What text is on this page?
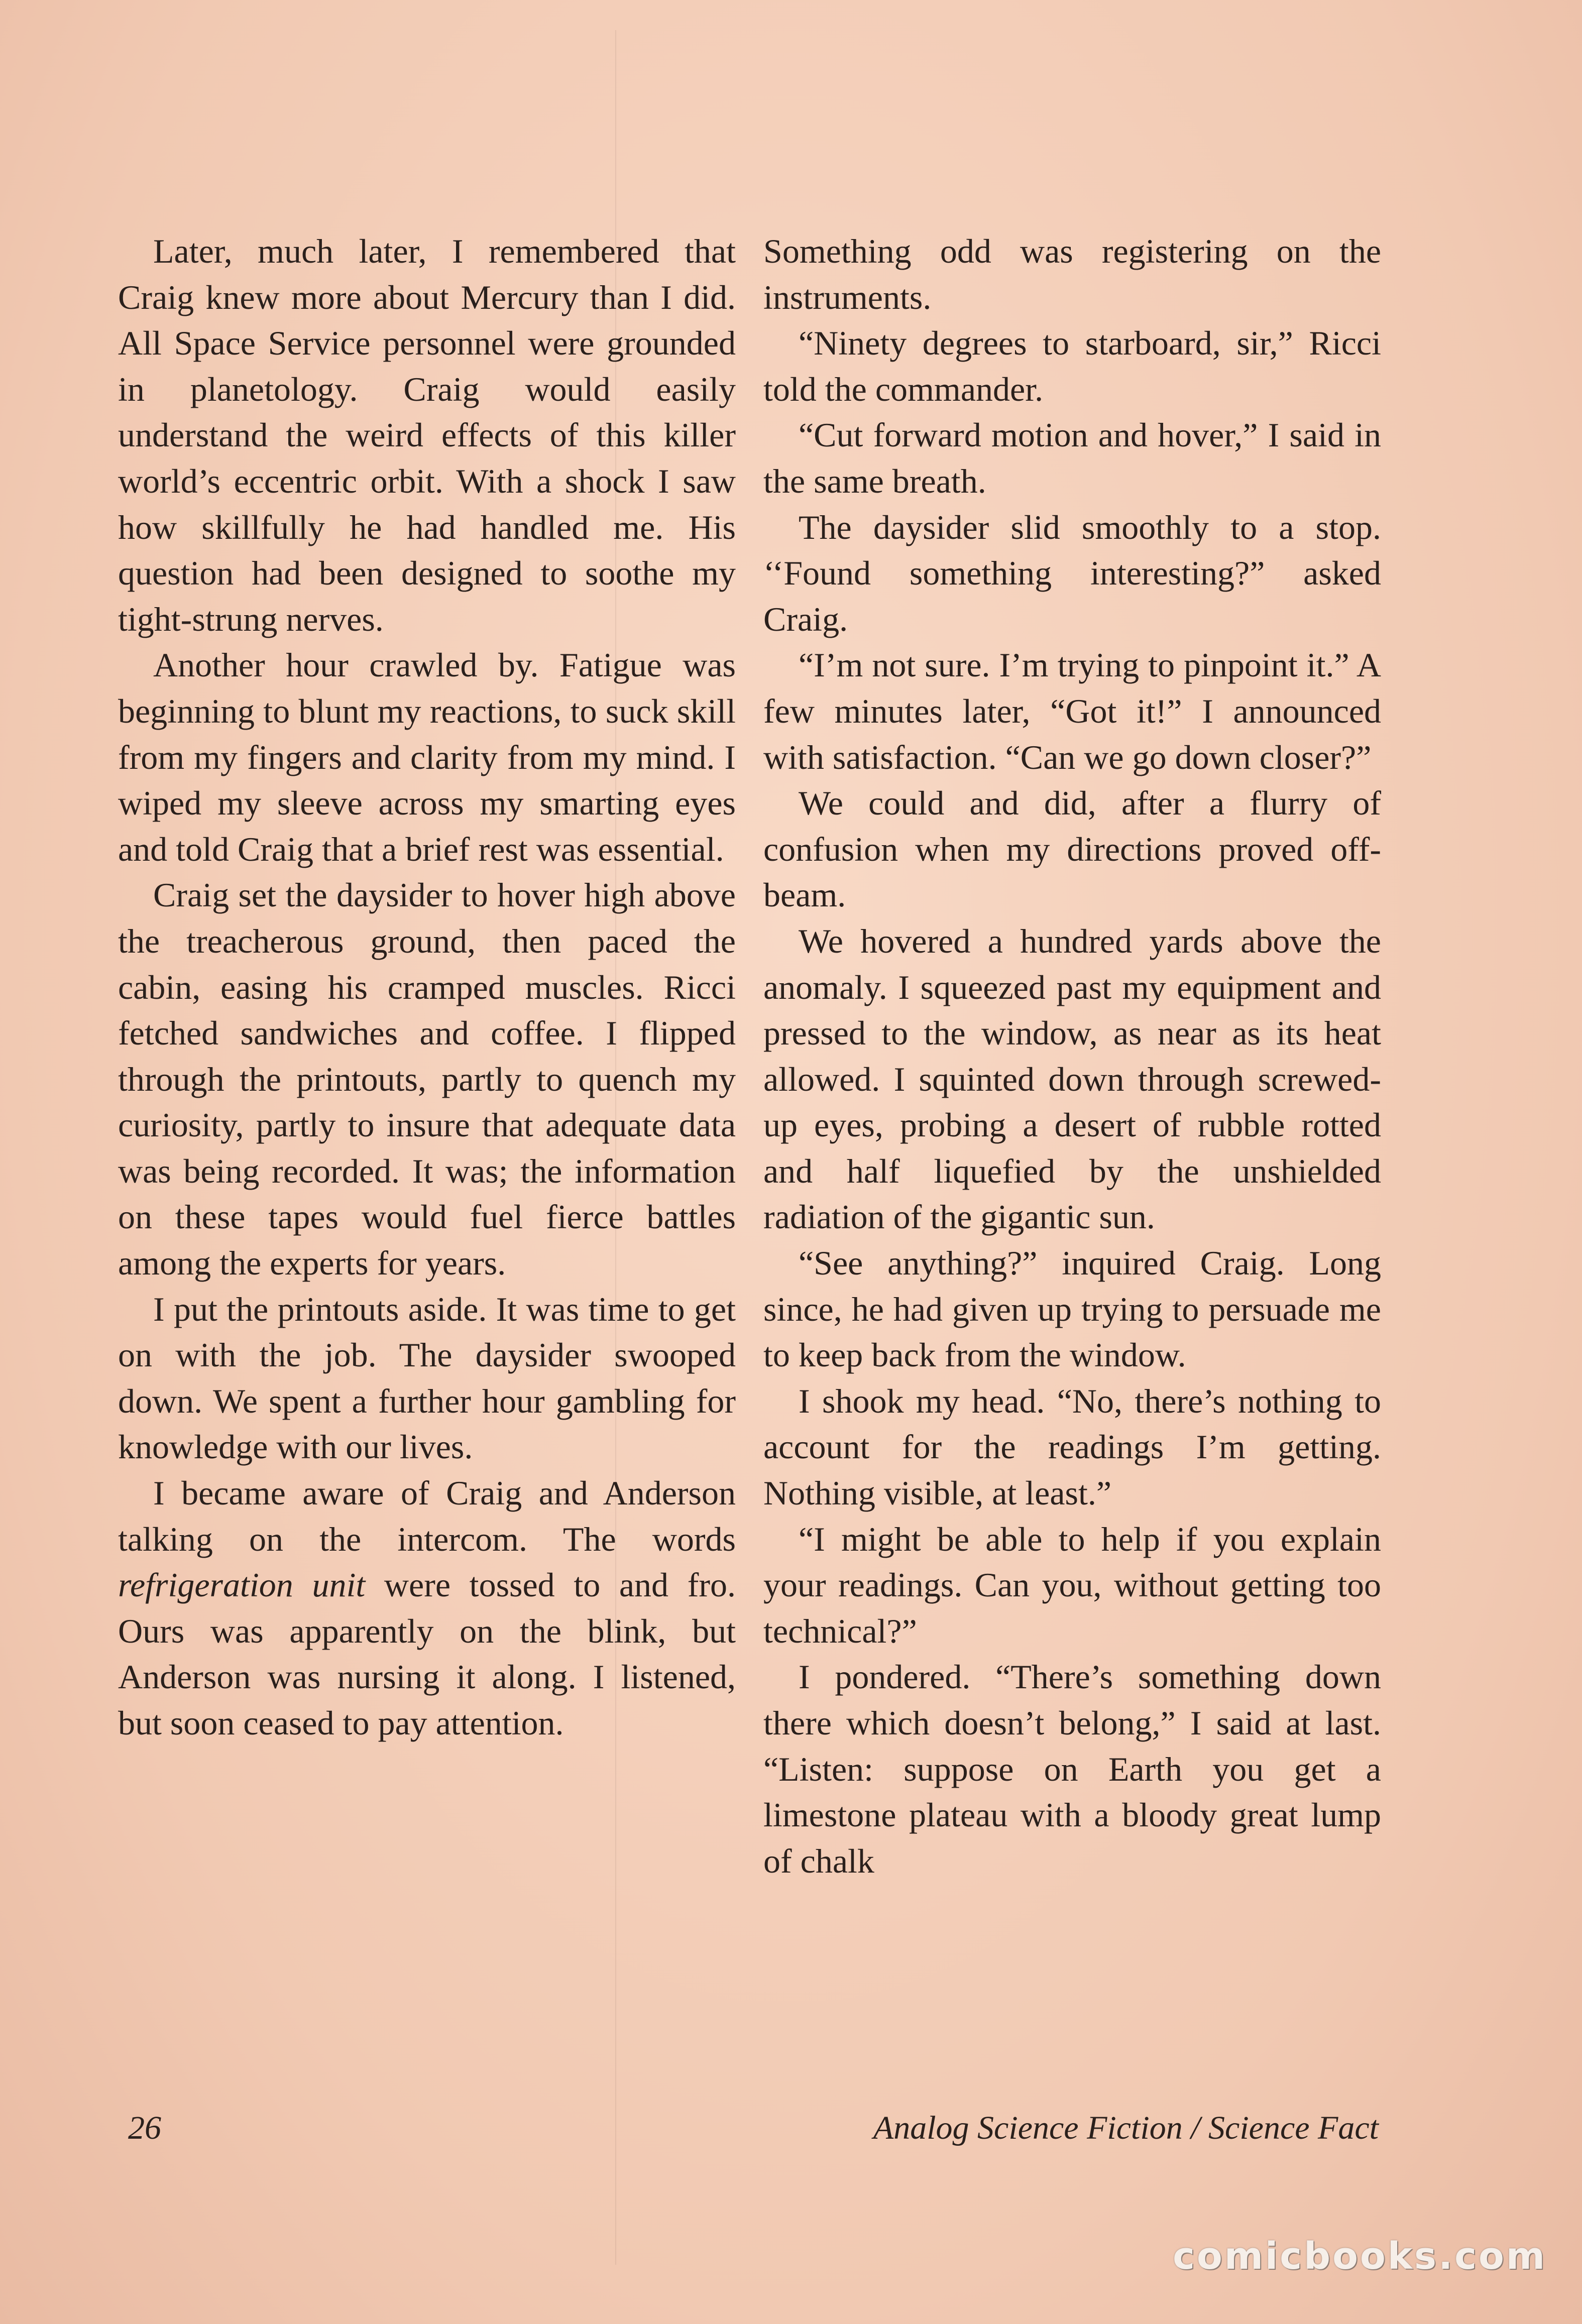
Later, much later, I remembered that Craig knew more about Mercury than I did. All Space Service personnel were grounded in planetology. Craig would easily understand the weird effects of this killer world’s eccentric orbit. With a shock I saw how skillfully he had handled me. His question had been designed to soothe my tight-strung nerves.

Another hour crawled by. Fatigue was beginning to blunt my reactions, to suck skill from my fingers and clarity from my mind. I wiped my sleeve across my smarting eyes and told Craig that a brief rest was essential.

Craig set the daysider to hover high above the treacherous ground, then paced the cabin, easing his cramped muscles. Ricci fetched sandwiches and coffee. I flipped through the printouts, partly to quench my curiosity, partly to insure that adequate data was being recorded. It was; the information on these tapes would fuel fierce battles among the experts for years.

I put the printouts aside. It was time to get on with the job. The daysider swooped down. We spent a further hour gambling for knowledge with our lives.

I became aware of Craig and Anderson talking on the intercom. The words refrigeration unit were tossed to and fro. Ours was apparently on the blink, but Anderson was nursing it along. I listened, but soon ceased to pay attention.

Something odd was registering on the instruments.

“Ninety degrees to starboard, sir,” Ricci told the commander.

“Cut forward motion and hover,” I said in the same breath.

The daysider slid smoothly to a stop. ‘‘Found something interesting?” asked Craig.

“I’m not sure. I’m trying to pinpoint it.” A few minutes later, “Got it!” I announced with satisfaction. “Can we go down closer?”

We could and did, after a flurry of confusion when my directions proved off-beam.

We hovered a hundred yards above the anomaly. I squeezed past my equipment and pressed to the window, as near as its heat allowed. I squinted down through screwed-up eyes, probing a desert of rubble rotted and half liquefied by the unshielded radiation of the gigantic sun.

“See anything?” inquired Craig. Long since, he had given up trying to persuade me to keep back from the window.

I shook my head. “No, there’s nothing to account for the readings I’m getting. Nothing visible, at least.”

“I might be able to help if you explain your readings. Can you, without getting too technical?”

I pondered. “There’s something down there which doesn’t belong,” I said at last. “Listen: suppose on Earth you get a limestone plateau with a bloody great lump of chalk

26	Analog Science Fiction / Science Fact
comicbooks.com
